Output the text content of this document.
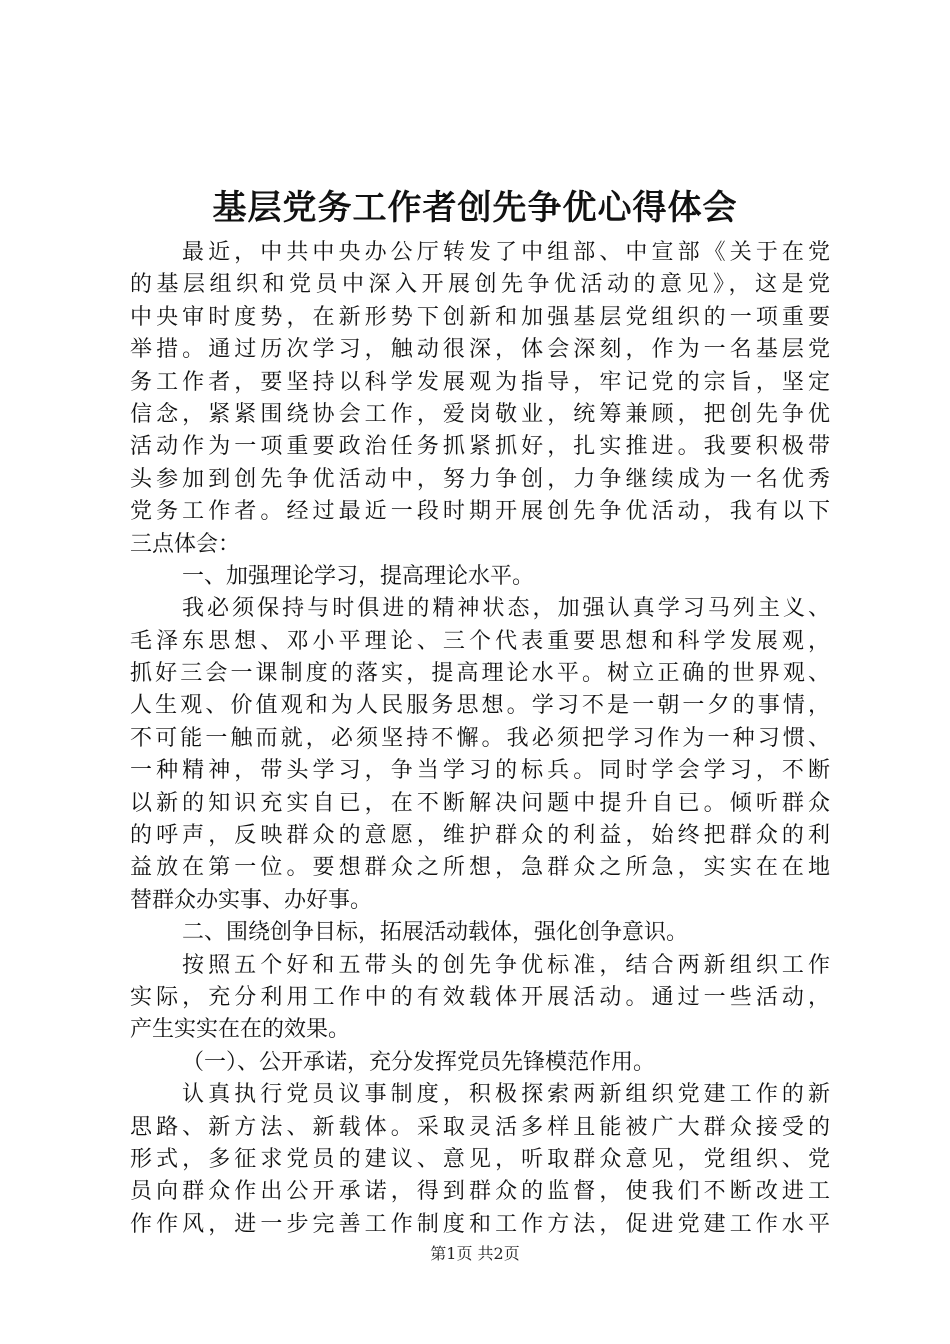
基层党务工作者创先争优心得体会
最近，中共中央办公厅转发了中组部、中宣部《关于在党
的基层组织和党员中深入开展创先争优活动的意见》，这是党
中央审时度势，在新形势下创新和加强基层党组织的一项重要
举措。通过历次学习，触动很深，体会深刻，作为一名基层党
务工作者，要坚持以科学发展观为指导，牢记党的宗旨，坚定
信念，紧紧围绕协会工作，爱岗敬业，统筹兼顾，把创先争优
活动作为一项重要政治任务抓紧抓好，扎实推进。我要积极带
头参加到创先争优活动中，努力争创，力争继续成为一名优秀
党务工作者。经过最近一段时期开展创先争优活动，我有以下
三点体会：
一、加强理论学习，提高理论水平。
我必须保持与时俱进的精神状态，加强认真学习马列主义、
毛泽东思想、邓小平理论、三个代表重要思想和科学发展观，
抓好三会一课制度的落实，提高理论水平。树立正确的世界观、
人生观、价值观和为人民服务思想。学习不是一朝一夕的事情，
不可能一触而就，必须坚持不懈。我必须把学习作为一种习惯、
一种精神，带头学习，争当学习的标兵。同时学会学习，不断
以新的知识充实自已，在不断解决问题中提升自已。倾听群众
的呼声，反映群众的意愿，维护群众的利益，始终把群众的利
益放在第一位。要想群众之所想，急群众之所急，实实在在地
替群众办实事、办好事。
二、围绕创争目标，拓展活动载体，强化创争意识。
按照五个好和五带头的创先争优标准，结合两新组织工作
实际，充分利用工作中的有效载体开展活动。通过一些活动，
产生实实在在的效果。
（一）、公开承诺，充分发挥党员先锋模范作用。
认真执行党员议事制度，积极探索两新组织党建工作的新
思路、新方法、新载体。采取灵活多样且能被广大群众接受的
形式，多征求党员的建议、意见，听取群众意见，党组织、党
员向群众作出公开承诺，得到群众的监督，使我们不断改进工
作作风，进一步完善工作制度和工作方法，促进党建工作水平
第1页 共2页
